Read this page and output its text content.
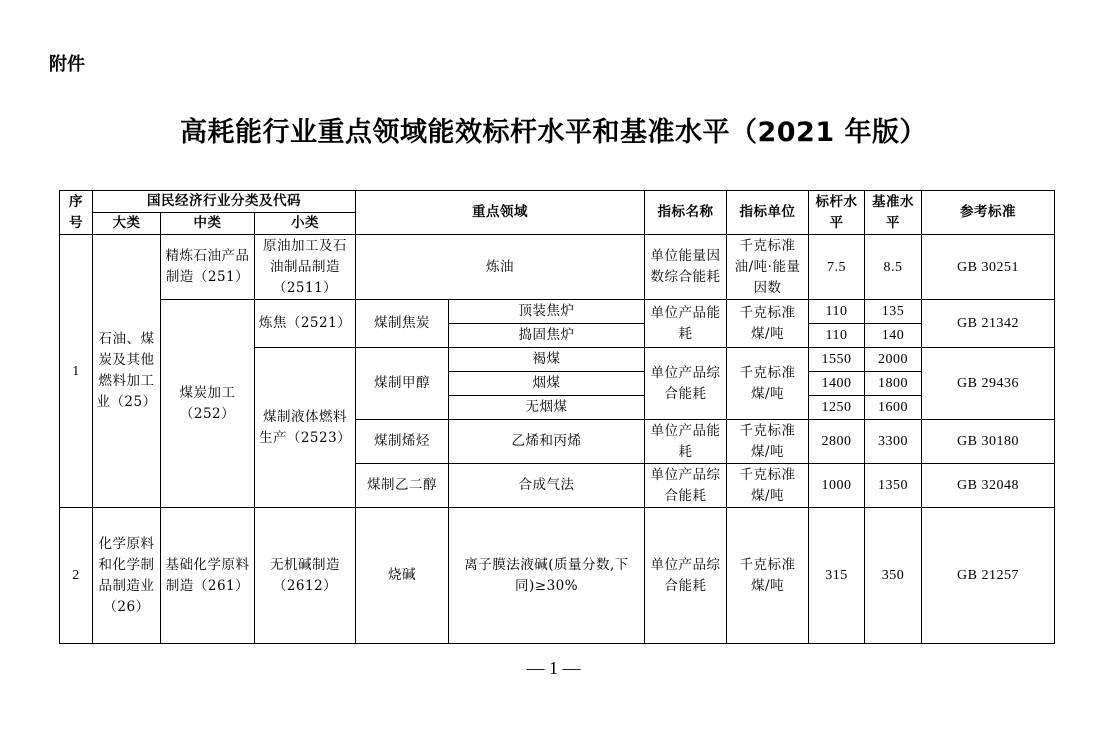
附件
高耗能行业重点领域能效标杆水平和基准水平（2021 年版）
序号	国民经济行业分类及代码			重点领域		指标名称	指标单位	标杆水平	基准水平	参考标准
	大类	中类	小类							
1	石油、煤炭及其他燃料加工业（25）	精炼石油产品制造（251）	原油加工及石油制品制造（2511）	炼油		单位能量因数综合能耗	千克标准油/吨·能量因数	7.5	8.5	GB 30251
		煤炭加工（252）	炼焦（2521）	煤制焦炭	顶装焦炉	单位产品能耗	千克标准煤/吨	110	135	GB 21342
					捣固焦炉			110	140	
			煤制液体燃料生产（2523）	煤制甲醇	褐煤	单位产品综合能耗	千克标准煤/吨	1550	2000	GB 29436
					烟煤			1400	1800	
					无烟煤			1250	1600	
				煤制烯烃	乙烯和丙烯	单位产品能耗	千克标准煤/吨	2800	3300	GB 30180
				煤制乙二醇	合成气法	单位产品综合能耗	千克标准煤/吨	1000	1350	GB 32048
2	化学原料和化学制品制造业（26）	基础化学原料制造（261）	无机碱制造（2612）	烧碱	离子膜法液碱(质量分数,下同)≥30%	单位产品综合能耗	千克标准煤/吨	315	350	GB 21257
— 1 —
